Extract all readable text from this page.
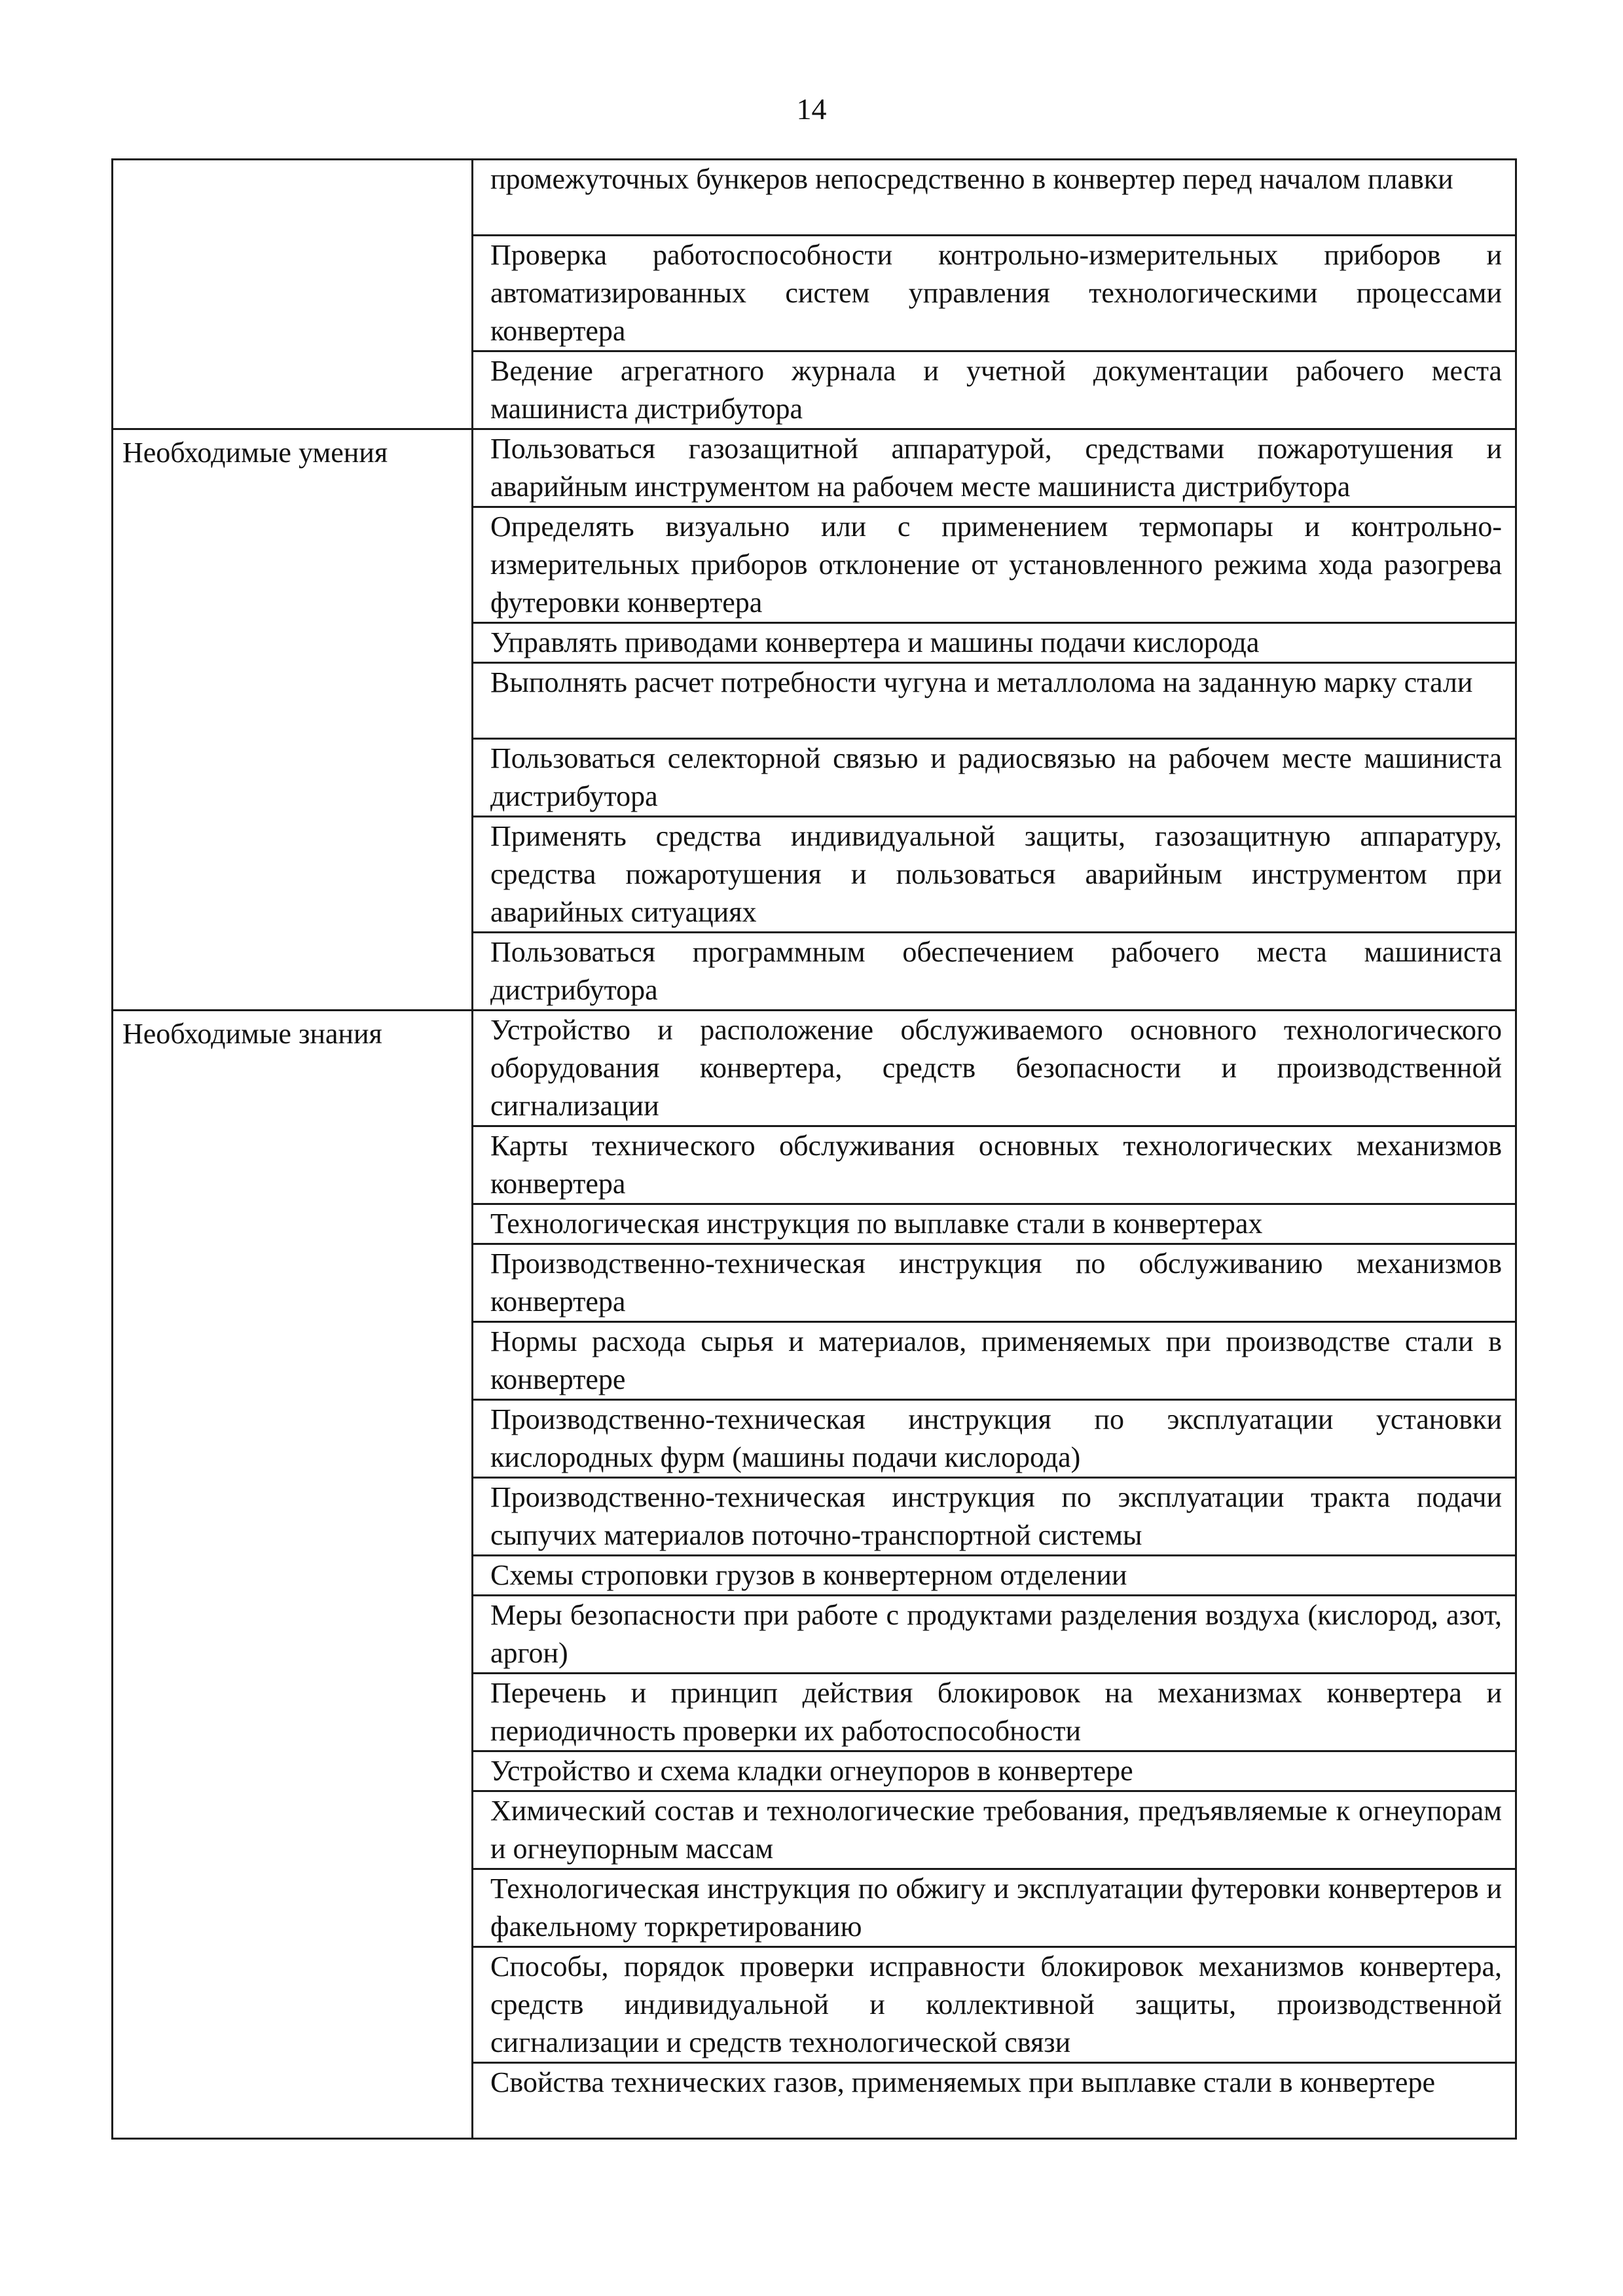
14
	промежуточных бункеров непосредственно в конвертер перед началом плавки
	Проверка работоспособности контрольно-измерительных приборов и автоматизированных систем управления технологическими процессами конвертера
	Ведение агрегатного журнала и учетной документации рабочего места машиниста дистрибутора
Необходимые умения	Пользоваться газозащитной аппаратурой, средствами пожаротушения и аварийным инструментом на рабочем месте машиниста дистрибутора
	Определять визуально или с применением термопары и контрольно-измерительных приборов отклонение от установленного режима хода разогрева футеровки конвертера
	Управлять приводами конвертера и машины подачи кислорода
	Выполнять расчет потребности чугуна и металлолома на заданную марку стали
	Пользоваться селекторной связью и радиосвязью на рабочем месте машиниста дистрибутора
	Применять средства индивидуальной защиты, газозащитную аппаратуру, средства пожаротушения и пользоваться аварийным инструментом при аварийных ситуациях
	Пользоваться программным обеспечением рабочего места машиниста дистрибутора
Необходимые знания	Устройство и расположение обслуживаемого основного технологического оборудования конвертера, средств безопасности и производственной сигнализации
	Карты технического обслуживания основных технологических механизмов конвертера
	Технологическая инструкция по выплавке стали в конвертерах
	Производственно-техническая инструкция по обслуживанию механизмов конвертера
	Нормы расхода сырья и материалов, применяемых при производстве стали в конвертере
	Производственно-техническая инструкция по эксплуатации установки кислородных фурм (машины подачи кислорода)
	Производственно-техническая инструкция по эксплуатации тракта подачи сыпучих материалов поточно-транспортной системы
	Схемы строповки грузов в конвертерном отделении
	Меры безопасности при работе с продуктами разделения воздуха (кислород, азот, аргон)
	Перечень и принцип действия блокировок на механизмах конвертера и периодичность проверки их работоспособности
	Устройство и схема кладки огнеупоров в конвертере
	Химический состав и технологические требования, предъявляемые к огнеупорам и огнеупорным массам
	Технологическая инструкция по обжигу и эксплуатации футеровки конвертеров и факельному торкретированию
	Способы, порядок проверки исправности блокировок механизмов конвертера, средств индивидуальной и коллективной защиты, производственной сигнализации и средств технологической связи
	Свойства технических газов, применяемых при выплавке стали в конвертере
